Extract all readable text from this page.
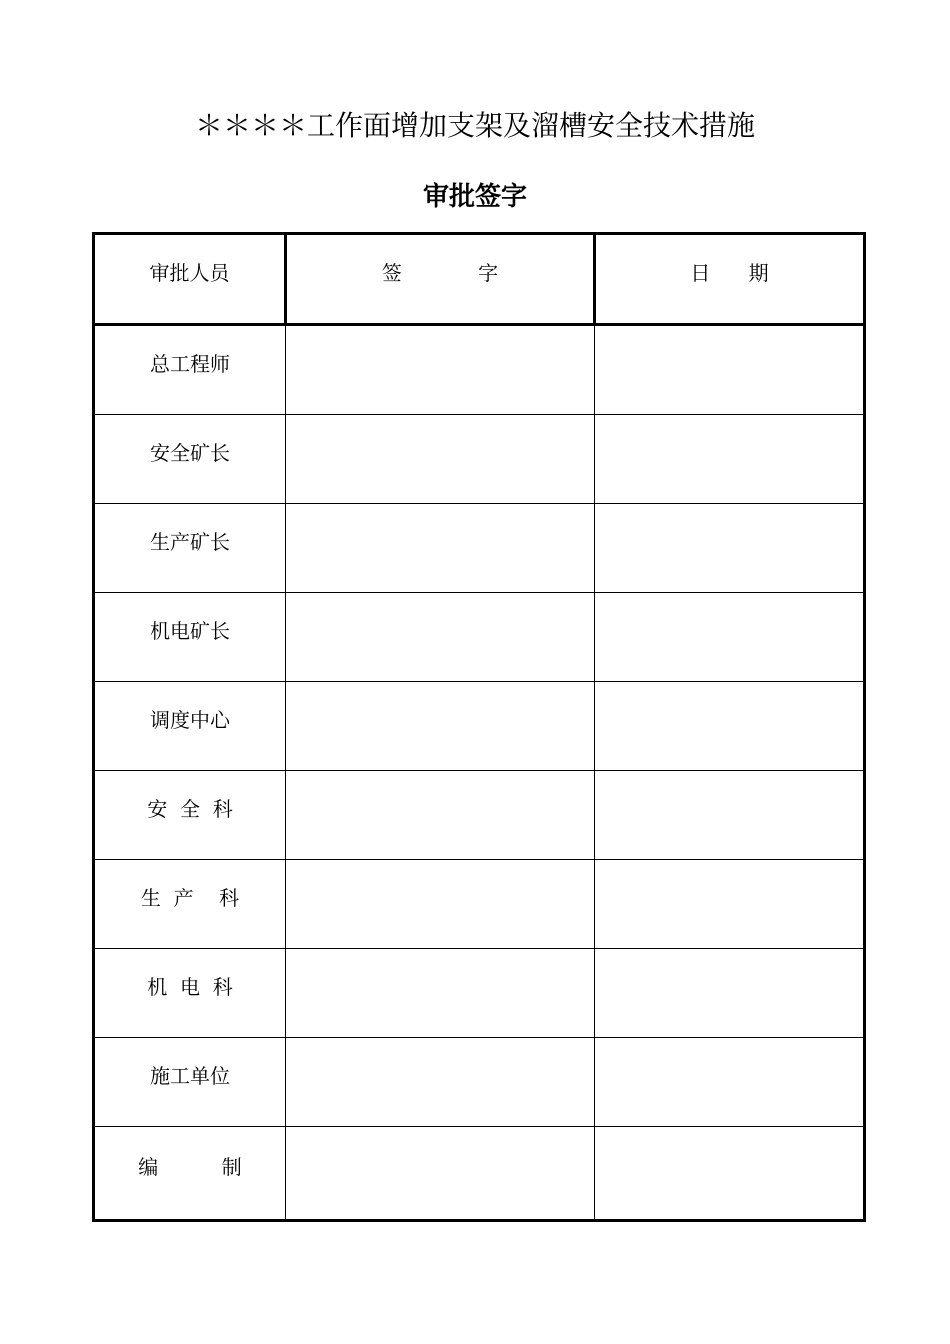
＊＊＊＊工作面增加支架及溜槽安全技术措施
审批签字
审批人员	签            字	日      期
总工程师		
安全矿长		
生产矿长		
机电矿长		
调度中心		
安  全  科		
生  产    科		
机  电  科		
施工单位		
编          制		
